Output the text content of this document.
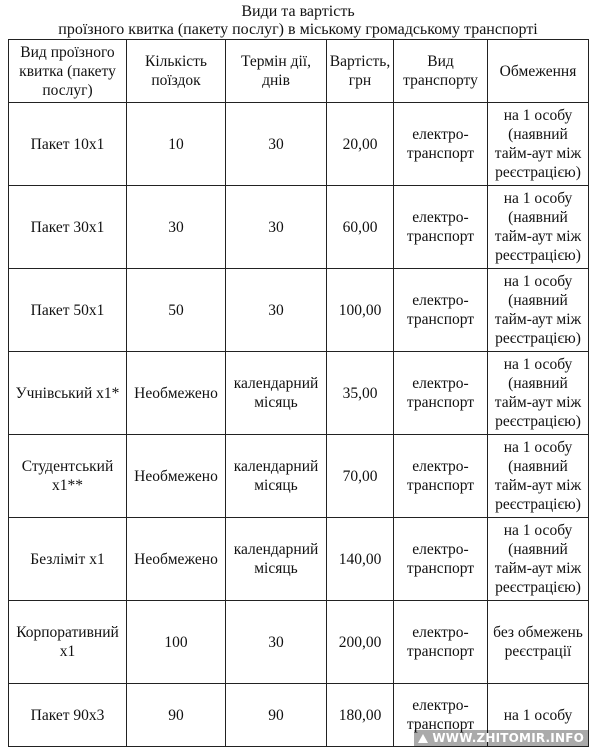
Види та вартість
проїзного квитка (пакету послуг) в міському громадському транспорті
Вид проїзного квитка (пакету послуг)	Кількість поїздок	Термін дії, днів	Вартість, грн	Вид транспорту	Обмеження
Пакет 10х1	10	30	20,00	електро-транспорт	на 1 особу (наявний тайм-аут між реєстрацією)
Пакет 30х1	30	30	60,00	електро-транспорт	на 1 особу (наявний тайм-аут між реєстрацією)
Пакет 50х1	50	30	100,00	електро-транспорт	на 1 особу (наявний тайм-аут між реєстрацією)
Учнівський х1*	Необмежено	календарний місяць	35,00	електро-транспорт	на 1 особу (наявний тайм-аут між реєстрацією)
Студентський х1**	Необмежено	календарний місяць	70,00	електро-транспорт	на 1 особу (наявний тайм-аут між реєстрацією)
Безліміт х1	Необмежено	календарний місяць	140,00	електро-транспорт	на 1 особу (наявний тайм-аут між реєстрацією)
Корпоративний х1	100	30	200,00	електро-транспорт	без обмежень реєстрації
Пакет 90х3	90	90	180,00	електро-транспорт	на 1 особу
WWW.ZHITOMIR.INFO
